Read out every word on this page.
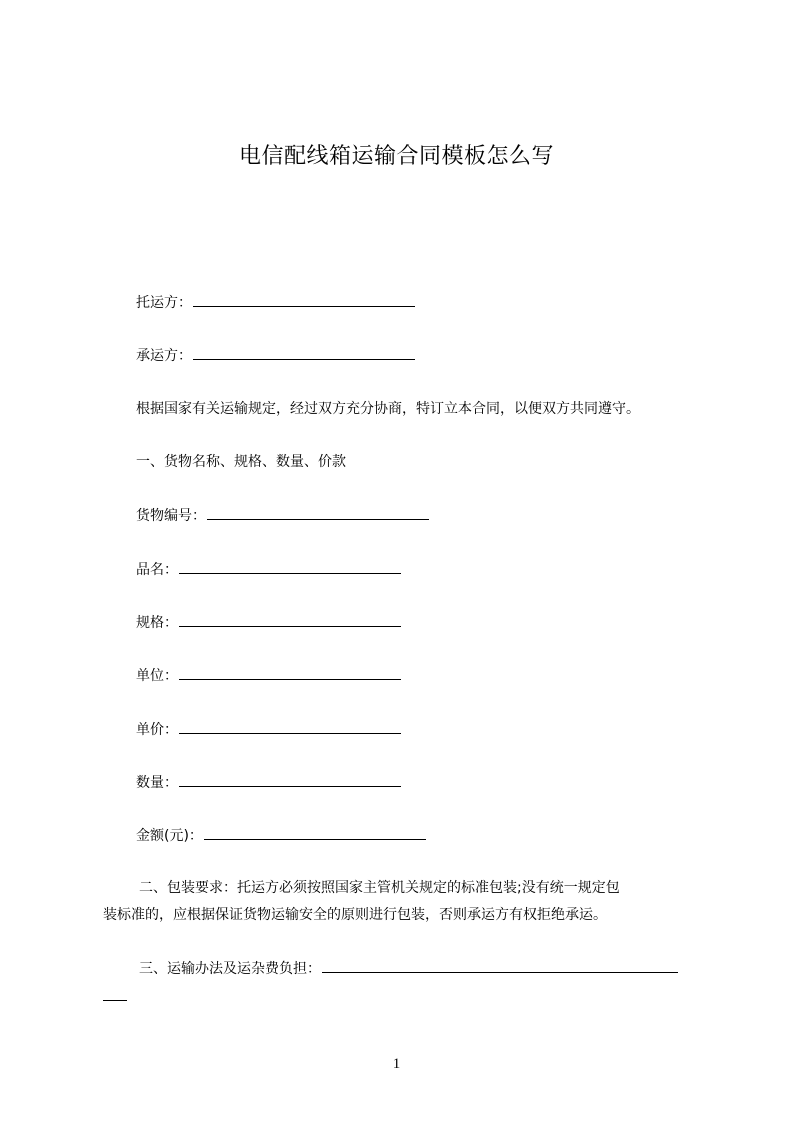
电信配线箱运输合同模板怎么写
托运方：
承运方：
根据国家有关运输规定，经过双方充分协商，特订立本合同，以便双方共同遵守。
一、货物名称、规格、数量、价款
货物编号：
品名：
规格：
单位：
单价：
数量：
金额(元)：
二、包装要求：托运方必须按照国家主管机关规定的标准包装;没有统一规定包
装标准的，应根据保证货物运输安全的原则进行包装，否则承运方有权拒绝承运。
三、运输办法及运杂费负担：
1
